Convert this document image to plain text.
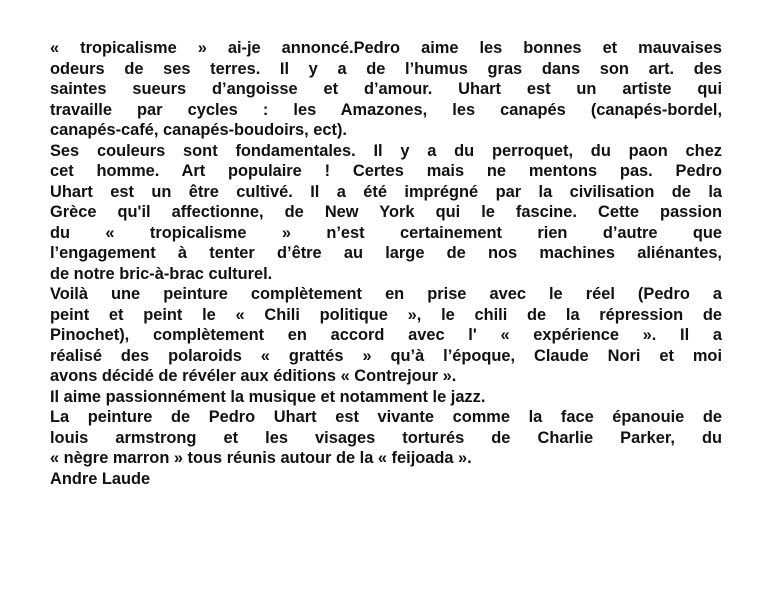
« tropicalisme » ai-je annoncé.Pedro aime les bonnes et mauvaises
odeurs de ses terres. Il y a de l’humus gras dans son art. des
saintes sueurs d’angoisse et d’amour. Uhart est un artiste qui
travaille par cycles : les Amazones, les canapés (canapés-bordel,
canapés-café, canapés-boudoirs, ect).
Ses couleurs sont fondamentales. Il y a du perroquet, du paon chez
cet homme. Art populaire ! Certes mais ne mentons pas. Pedro
Uhart est un être cultivé. Il a été imprégné par la civilisation de la
Grèce qu'il affectionne, de New York qui le fascine. Cette passion
du « tropicalisme » n’est certainement rien d’autre que
l’engagement à tenter d’être au large de nos machines aliénantes,
de notre bric-à-brac culturel.
Voilà une peinture complètement en prise avec le réel (Pedro a
peint et peint le « Chili politique », le chili de la répression de
Pinochet), complètement en accord avec l' « expérience ». Il a
réalisé des polaroids « grattés » qu’à l’époque, Claude Nori et moi
avons décidé de révéler aux éditions « Contrejour ».
Il aime passionnément la musique et notamment le jazz.
La peinture de Pedro Uhart est vivante comme la face épanouie de
louis armstrong et les visages torturés de Charlie Parker, du
« nègre marron » tous réunis autour de la « feijoada ».
Andre Laude
